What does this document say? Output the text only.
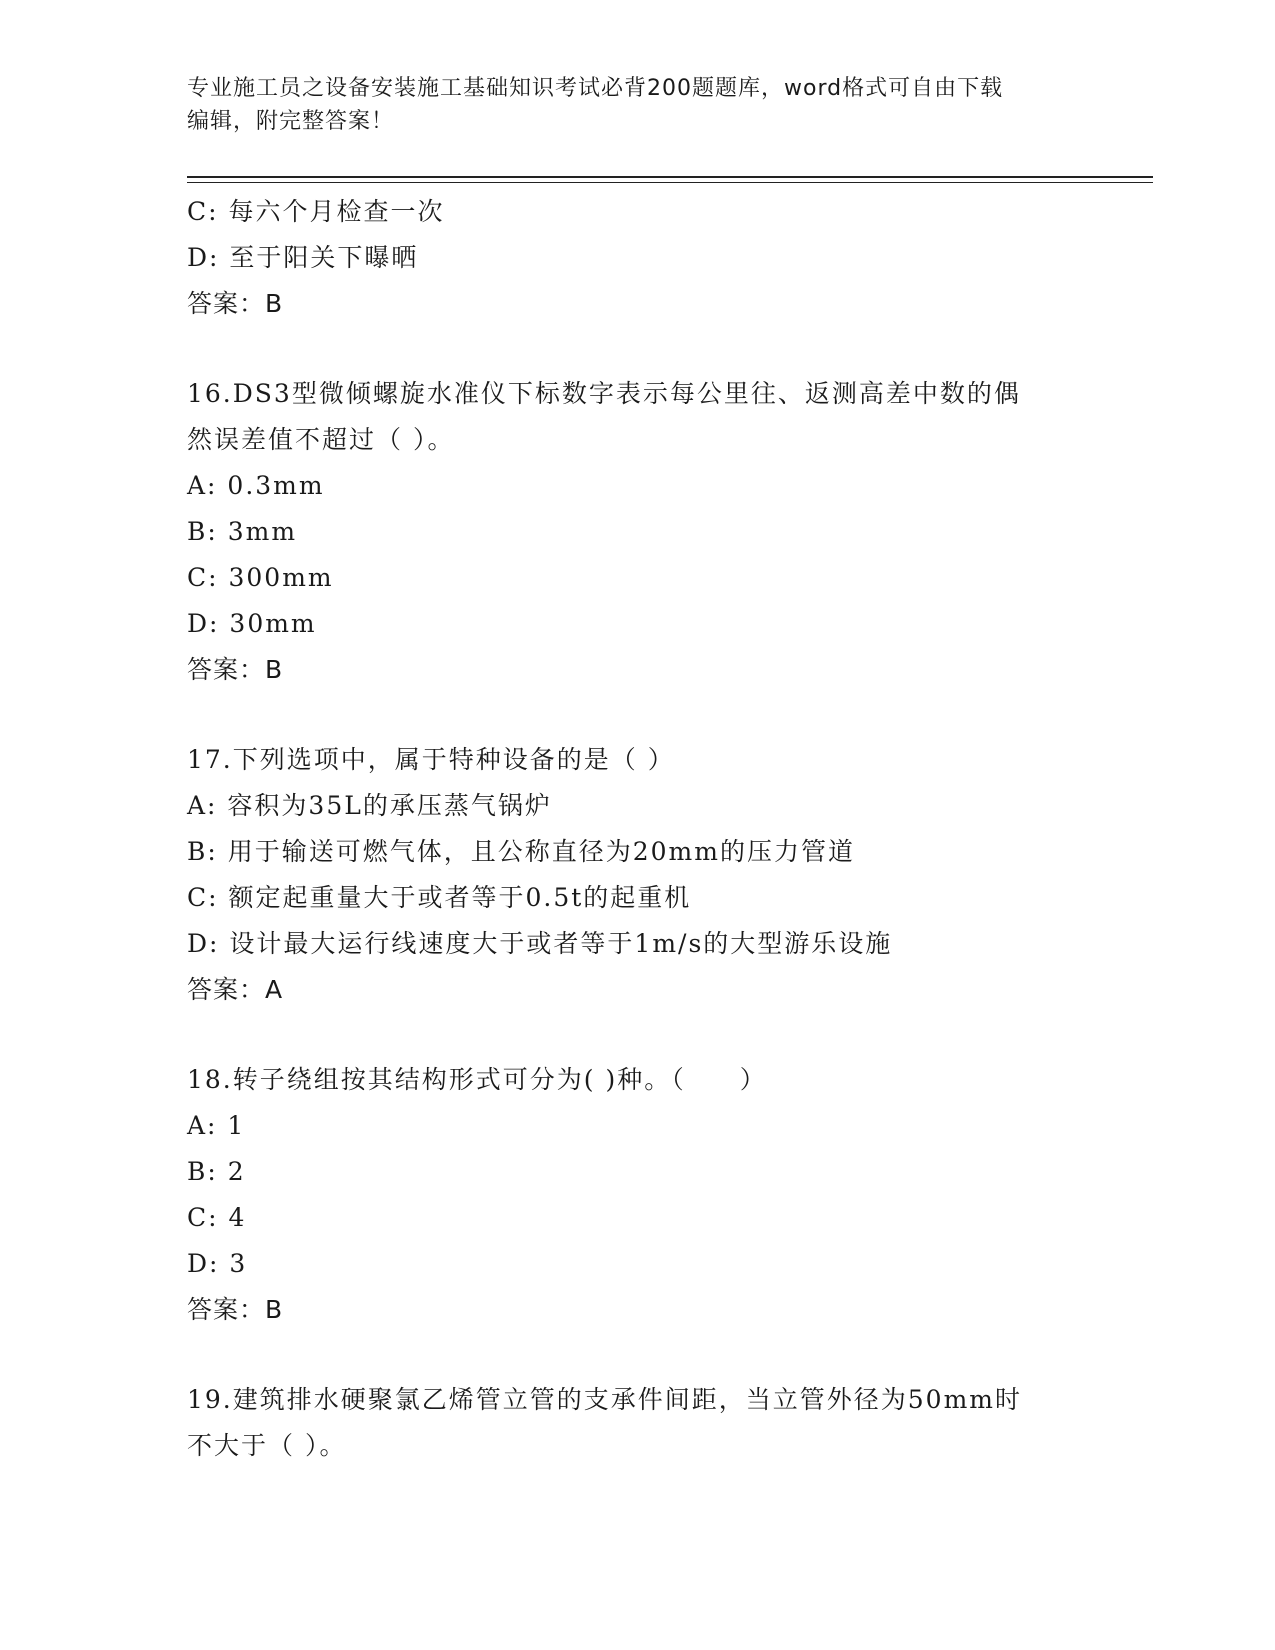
专业施工员之设备安装施工基础知识考试必背200题题库，word格式可自由下载
编辑，附完整答案！
C: 每六个月检查一次
D: 至于阳关下曝晒
答案：B
16.DS3型微倾螺旋水准仪下标数字表示每公里往、返测高差中数的偶
然误差值不超过（ ）。
A: 0.3mm
B: 3mm
C: 300mm
D: 30mm
答案：B
17.下列选项中，属于特种设备的是（ ）
A: 容积为35L的承压蒸气锅炉
B: 用于输送可燃气体，且公称直径为20mm的压力管道
C: 额定起重量大于或者等于0.5t的起重机
D: 设计最大运行线速度大于或者等于1m/s的大型游乐设施
答案：A
18.转子绕组按其结构形式可分为( )种。（　　）
A: 1
B: 2
C: 4
D: 3
答案：B
19.建筑排水硬聚氯乙烯管立管的支承件间距，当立管外径为50mm时
不大于（ ）。
